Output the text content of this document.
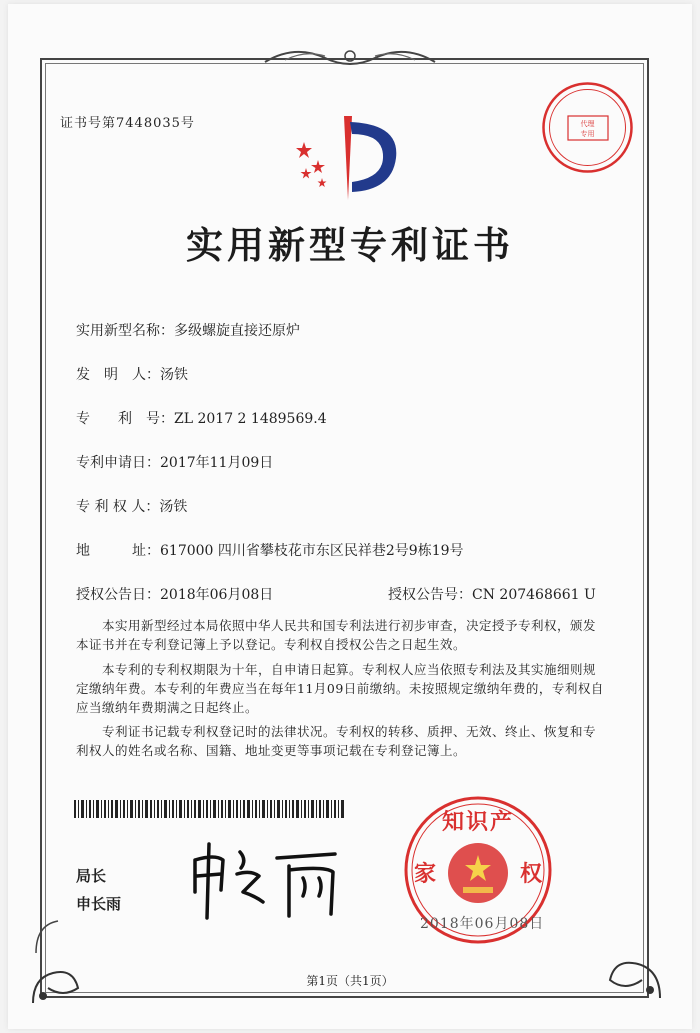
证书号第7448035号	代理
专用
实用新型专利证书
实用新型名称：多级螺旋直接还原炉
发　明　人：汤铁
专　　利　号：ZL 2017 2 1489569.4
专利申请日：2017年11月09日
专 利 权 人：汤铁
地　　　址：617000 四川省攀枝花市东区民祥巷2号9栋19号
授权公告日：2018年06月08日	授权公告号：CN 207468661 U
　　本实用新型经过本局依照中华人民共和国专利法进行初步审查，决定授予专利权，颁发本证书并在专利登记簿上予以登记。专利权自授权公告之日起生效。
　　本专利的专利权期限为十年，自申请日起算。专利权人应当依照专利法及其实施细则规定缴纳年费。本专利的年费应当在每年11月09日前缴纳。未按照规定缴纳年费的，专利权自应当缴纳年费期满之日起终止。
　　专利证书记载专利权登记时的法律状况。专利权的转移、质押、无效、终止、恢复和专利权人的姓名或名称、国籍、地址变更等事项记载在专利登记簿上。
局长
申长雨
知识产
家	权
2018年06月08日
第1页（共1页）
